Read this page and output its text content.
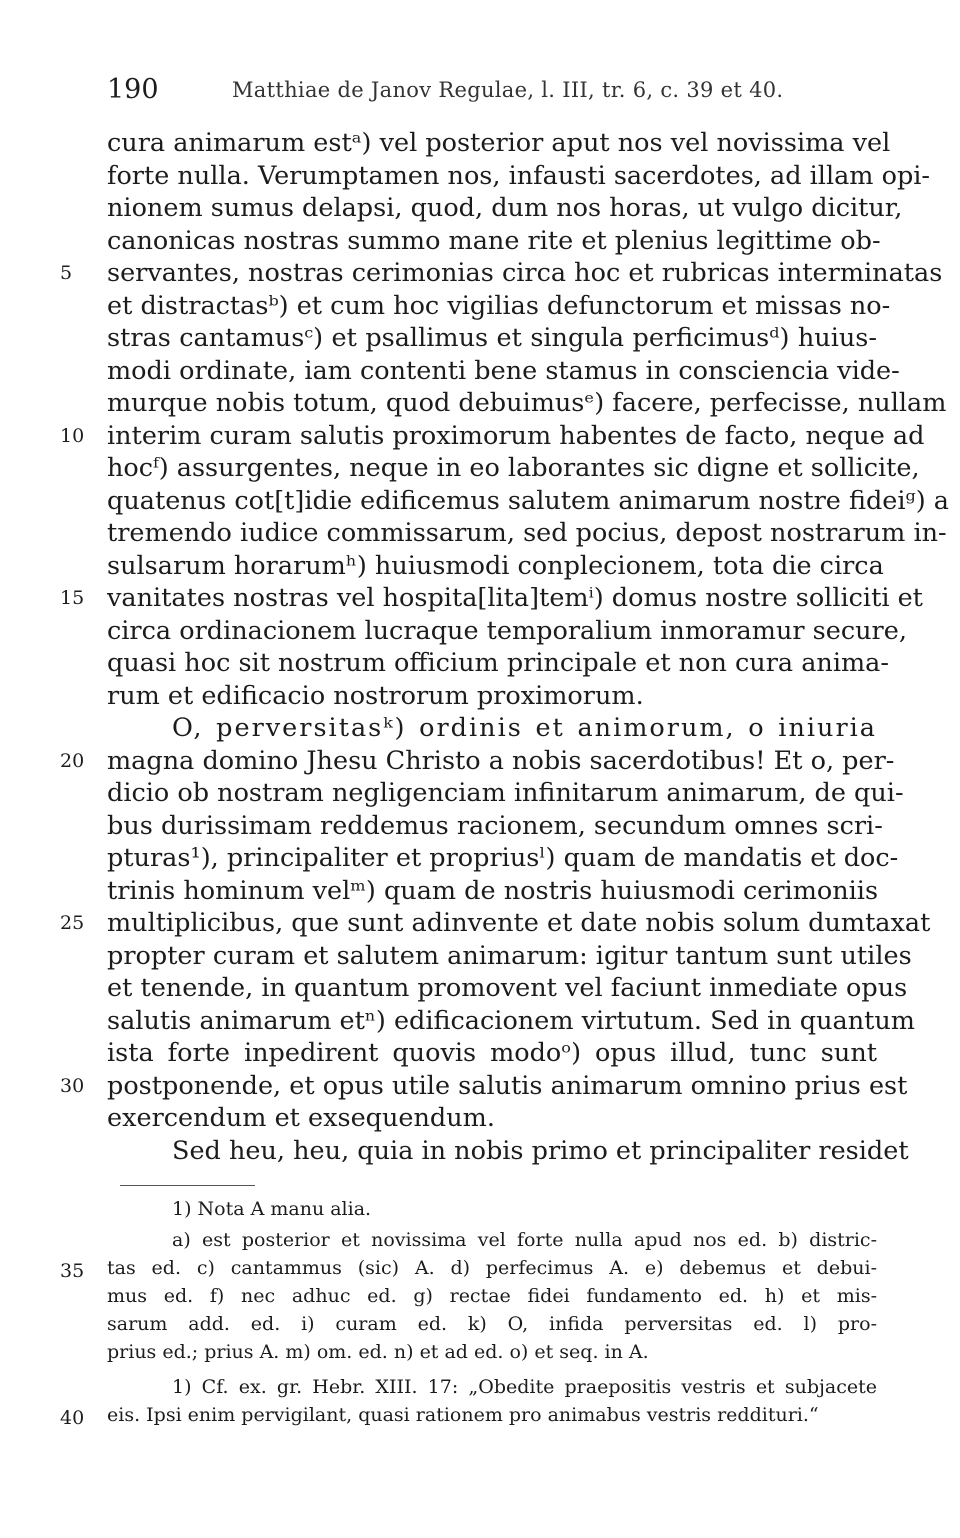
190	Matthiae de Janov Regulae, l. III, tr. 6, c. 39 et 40.
cura animarum estᵃ) vel posterior aput nos vel novissima vel
forte nulla. Verumptamen nos, infausti sacerdotes, ad illam opi-
nionem sumus delapsi, quod, dum nos horas, ut vulgo dicitur,
canonicas nostras summo mane rite et plenius legittime ob-
servantes, nostras cerimonias circa hoc et rubricas interminatas
5
et distractasᵇ) et cum hoc vigilias defunctorum et missas no-
stras cantamusᶜ) et psallimus et singula perficimusᵈ) huius-
modi ordinate, iam contenti bene stamus in consciencia vide-
murque nobis totum, quod debuimusᵉ) facere, perfecisse, nullam
interim curam salutis proximorum habentes de facto, neque ad
10
hocᶠ) assurgentes, neque in eo laborantes sic digne et sollicite,
quatenus cot[t]idie edificemus salutem animarum nostre fideiᵍ) a
tremendo iudice commissarum, sed pocius, depost nostrarum in-
sulsarum horarumʰ) huiusmodi conplecionem, tota die circa
vanitates nostras vel hospita[lita]temⁱ) domus nostre solliciti et
15
circa ordinacionem lucraque temporalium inmoramur secure,
quasi hoc sit nostrum officium principale et non cura anima-
rum et edificacio nostrorum proximorum.
O, perversitasᵏ) ordinis et animorum, o iniuria
magna domino Jhesu Christo a nobis sacerdotibus! Et o, per-
20
dicio ob nostram negligenciam infinitarum animarum, de qui-
bus durissimam reddemus racionem, secundum omnes scri-
pturas¹), principaliter et propriusˡ) quam de mandatis et doc-
trinis hominum velᵐ) quam de nostris huiusmodi cerimoniis
multiplicibus, que sunt adinvente et date nobis solum dumtaxat
25
propter curam et salutem animarum: igitur tantum sunt utiles
et tenende, in quantum promovent vel faciunt inmediate opus
salutis animarum etⁿ) edificacionem virtutum. Sed in quantum
ista forte inpedirent quovis modoᵒ) opus illud, tunc sunt
postponende, et opus utile salutis animarum omnino prius est
30
exercendum et exsequendum.
Sed heu, heu, quia in nobis primo et principaliter residet
1) Nota A manu alia.
a) est posterior et novissima vel forte nulla apud nos ed. b) distric-
tas ed. c) cantammus (sic) A. d) perfecimus A. e) debemus et debui-
35
mus ed. f) nec adhuc ed. g) rectae fidei fundamento ed. h) et mis-
sarum add. ed. i) curam ed. k) O, infida perversitas ed. l) pro-
prius ed.; prius A. m) om. ed. n) et ad ed. o) et seq. in A.
1) Cf. ex. gr. Hebr. XIII. 17: „Obedite praepositis vestris et subjacete
eis. Ipsi enim pervigilant, quasi rationem pro animabus vestris reddituri.“
40
